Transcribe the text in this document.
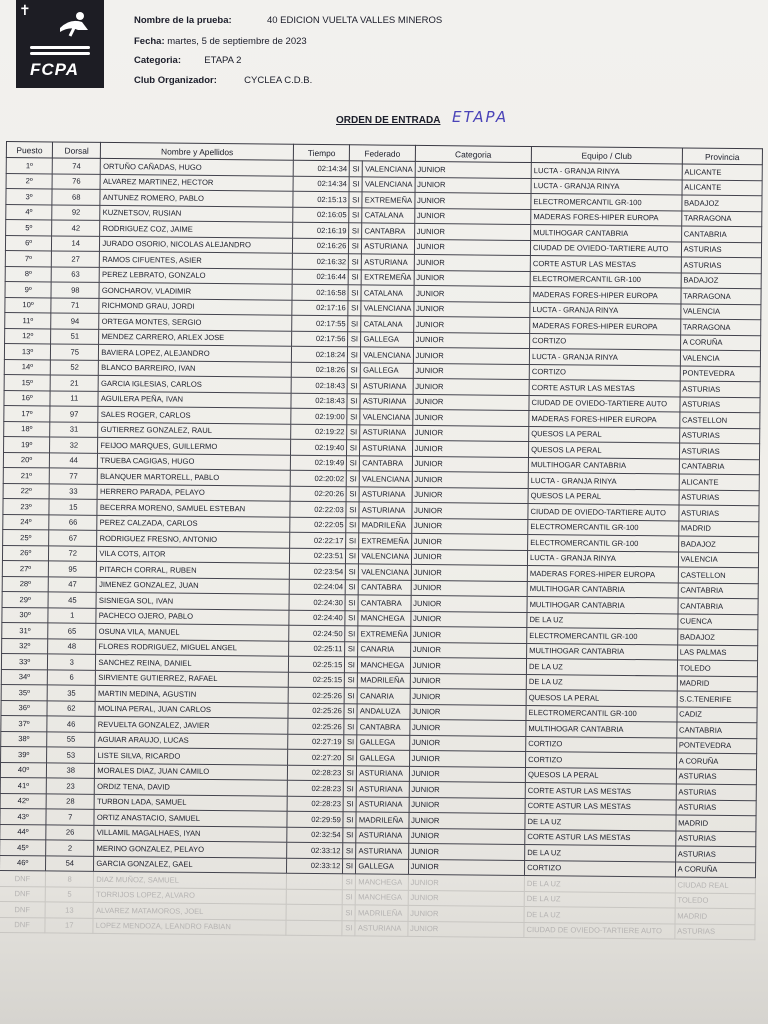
✝
FCPA
Nombre de la prueba:	40 EDICION VUELTA VALLES MINEROS
Fecha: martes, 5 de septiembre de 2023
Categoria: ETAPA 2
Club Organizador:	CYCLEA C.D.B.
ORDEN DE ENTRADA ETAPA
Puesto	Dorsal	Nombre y Apellidos	Tiempo	Federado		Categoria	Equipo / Club	Provincia
1º	74	ORTUÑO CAÑADAS, HUGO	02:14:34	SI	VALENCIANA	JUNIOR	LUCTA - GRANJA RINYA	ALICANTE
2º	76	ALVAREZ MARTINEZ, HECTOR	02:14:34	SI	VALENCIANA	JUNIOR	LUCTA - GRANJA RINYA	ALICANTE
3º	68	ANTUNEZ ROMERO, PABLO	02:15:13	SI	EXTREMEÑA	JUNIOR	ELECTROMERCANTIL GR-100	BADAJOZ
4º	92	KUZNETSOV, RUSIAN	02:16:05	SI	CATALANA	JUNIOR	MADERAS FORES-HIPER EUROPA	TARRAGONA
5º	42	RODRIGUEZ COZ, JAIME	02:16:19	SI	CANTABRA	JUNIOR	MULTIHOGAR CANTABRIA	CANTABRIA
6º	14	JURADO OSORIO, NICOLAS ALEJANDRO	02:16:26	SI	ASTURIANA	JUNIOR	CIUDAD DE OVIEDO-TARTIERE AUTO	ASTURIAS
7º	27	RAMOS CIFUENTES, ASIER	02:16:32	SI	ASTURIANA	JUNIOR	CORTE ASTUR LAS MESTAS	ASTURIAS
8º	63	PEREZ LEBRATO, GONZALO	02:16:44	SI	EXTREMEÑA	JUNIOR	ELECTROMERCANTIL GR-100	BADAJOZ
9º	98	GONCHAROV, VLADIMIR	02:16:58	SI	CATALANA	JUNIOR	MADERAS FORES-HIPER EUROPA	TARRAGONA
10º	71	RICHMOND GRAU, JORDI	02:17:16	SI	VALENCIANA	JUNIOR	LUCTA - GRANJA RINYA	VALENCIA
11º	94	ORTEGA MONTES, SERGIO	02:17:55	SI	CATALANA	JUNIOR	MADERAS FORES-HIPER EUROPA	TARRAGONA
12º	51	MENDEZ CARRERO, ARLEX JOSE	02:17:56	SI	GALLEGA	JUNIOR	CORTIZO	A CORUÑA
13º	75	BAVIERA LOPEZ, ALEJANDRO	02:18:24	SI	VALENCIANA	JUNIOR	LUCTA - GRANJA RINYA	VALENCIA
14º	52	BLANCO BARREIRO, IVAN	02:18:26	SI	GALLEGA	JUNIOR	CORTIZO	PONTEVEDRA
15º	21	GARCIA IGLESIAS, CARLOS	02:18:43	SI	ASTURIANA	JUNIOR	CORTE ASTUR LAS MESTAS	ASTURIAS
16º	11	AGUILERA PEÑA, IVAN	02:18:43	SI	ASTURIANA	JUNIOR	CIUDAD DE OVIEDO-TARTIERE AUTO	ASTURIAS
17º	97	SALES ROGER, CARLOS	02:19:00	SI	VALENCIANA	JUNIOR	MADERAS FORES-HIPER EUROPA	CASTELLON
18º	31	GUTIERREZ GONZALEZ, RAUL	02:19:22	SI	ASTURIANA	JUNIOR	QUESOS LA PERAL	ASTURIAS
19º	32	FEIJOO MARQUES, GUILLERMO	02:19:40	SI	ASTURIANA	JUNIOR	QUESOS LA PERAL	ASTURIAS
20º	44	TRUEBA CAGIGAS, HUGO	02:19:49	SI	CANTABRA	JUNIOR	MULTIHOGAR CANTABRIA	CANTABRIA
21º	77	BLANQUER MARTORELL, PABLO	02:20:02	SI	VALENCIANA	JUNIOR	LUCTA - GRANJA RINYA	ALICANTE
22º	33	HERRERO PARADA, PELAYO	02:20:26	SI	ASTURIANA	JUNIOR	QUESOS LA PERAL	ASTURIAS
23º	15	BECERRA MORENO, SAMUEL ESTEBAN	02:22:03	SI	ASTURIANA	JUNIOR	CIUDAD DE OVIEDO-TARTIERE AUTO	ASTURIAS
24º	66	PEREZ CALZADA, CARLOS	02:22:05	SI	MADRILEÑA	JUNIOR	ELECTROMERCANTIL GR-100	MADRID
25º	67	RODRIGUEZ FRESNO, ANTONIO	02:22:17	SI	EXTREMEÑA	JUNIOR	ELECTROMERCANTIL GR-100	BADAJOZ
26º	72	VILA COTS, AITOR	02:23:51	SI	VALENCIANA	JUNIOR	LUCTA - GRANJA RINYA	VALENCIA
27º	95	PITARCH CORRAL, RUBEN	02:23:54	SI	VALENCIANA	JUNIOR	MADERAS FORES-HIPER EUROPA	CASTELLON
28º	47	JIMENEZ GONZALEZ, JUAN	02:24:04	SI	CANTABRA	JUNIOR	MULTIHOGAR CANTABRIA	CANTABRIA
29º	45	SISNIEGA SOL, IVAN	02:24:30	SI	CANTABRA	JUNIOR	MULTIHOGAR CANTABRIA	CANTABRIA
30º	1	PACHECO OJERO, PABLO	02:24:40	SI	MANCHEGA	JUNIOR	DE LA UZ	CUENCA
31º	65	OSUNA VILA, MANUEL	02:24:50	SI	EXTREMEÑA	JUNIOR	ELECTROMERCANTIL GR-100	BADAJOZ
32º	48	FLORES RODRIGUEZ, MIGUEL ANGEL	02:25:11	SI	CANARIA	JUNIOR	MULTIHOGAR CANTABRIA	LAS PALMAS
33º	3	SANCHEZ REINA, DANIEL	02:25:15	SI	MANCHEGA	JUNIOR	DE LA UZ	TOLEDO
34º	6	SIRVIENTE GUTIERREZ, RAFAEL	02:25:15	SI	MADRILEÑA	JUNIOR	DE LA UZ	MADRID
35º	35	MARTIN MEDINA, AGUSTIN	02:25:26	SI	CANARIA	JUNIOR	QUESOS LA PERAL	S.C.TENERIFE
36º	62	MOLINA PERAL, JUAN CARLOS	02:25:26	SI	ANDALUZA	JUNIOR	ELECTROMERCANTIL GR-100	CADIZ
37º	46	REVUELTA GONZALEZ, JAVIER	02:25:26	SI	CANTABRA	JUNIOR	MULTIHOGAR CANTABRIA	CANTABRIA
38º	55	AGUIAR ARAUJO, LUCAS	02:27:19	SI	GALLEGA	JUNIOR	CORTIZO	PONTEVEDRA
39º	53	LISTE SILVA, RICARDO	02:27:20	SI	GALLEGA	JUNIOR	CORTIZO	A CORUÑA
40º	38	MORALES DIAZ, JUAN CAMILO	02:28:23	SI	ASTURIANA	JUNIOR	QUESOS LA PERAL	ASTURIAS
41º	23	ORDIZ TENA, DAVID	02:28:23	SI	ASTURIANA	JUNIOR	CORTE ASTUR LAS MESTAS	ASTURIAS
42º	28	TURBON LADA, SAMUEL	02:28:23	SI	ASTURIANA	JUNIOR	CORTE ASTUR LAS MESTAS	ASTURIAS
43º	7	ORTIZ ANASTACIO, SAMUEL	02:29:59	SI	MADRILEÑA	JUNIOR	DE LA UZ	MADRID
44º	26	VILLAMIL MAGALHAES, IYAN	02:32:54	SI	ASTURIANA	JUNIOR	CORTE ASTUR LAS MESTAS	ASTURIAS
45º	2	MERINO GONZALEZ, PELAYO	02:33:12	SI	ASTURIANA	JUNIOR	DE LA UZ	ASTURIAS
46º	54	GARCIA GONZALEZ, GAEL	02:33:12	SI	GALLEGA	JUNIOR	CORTIZO	A CORUÑA
DNF	8	DIAZ MUÑOZ, SAMUEL		SI	MANCHEGA	JUNIOR	DE LA UZ	CIUDAD REAL
DNF	5	TORRIJOS LOPEZ, ALVARO		SI	MANCHEGA	JUNIOR	DE LA UZ	TOLEDO
DNF	13	ALVAREZ MATAMOROS, JOEL		SI	MADRILEÑA	JUNIOR	DE LA UZ	MADRID
DNF	17	LOPEZ MENDOZA, LEANDRO FABIAN		SI	ASTURIANA	JUNIOR	CIUDAD DE OVIEDO-TARTIERE AUTO	ASTURIAS
